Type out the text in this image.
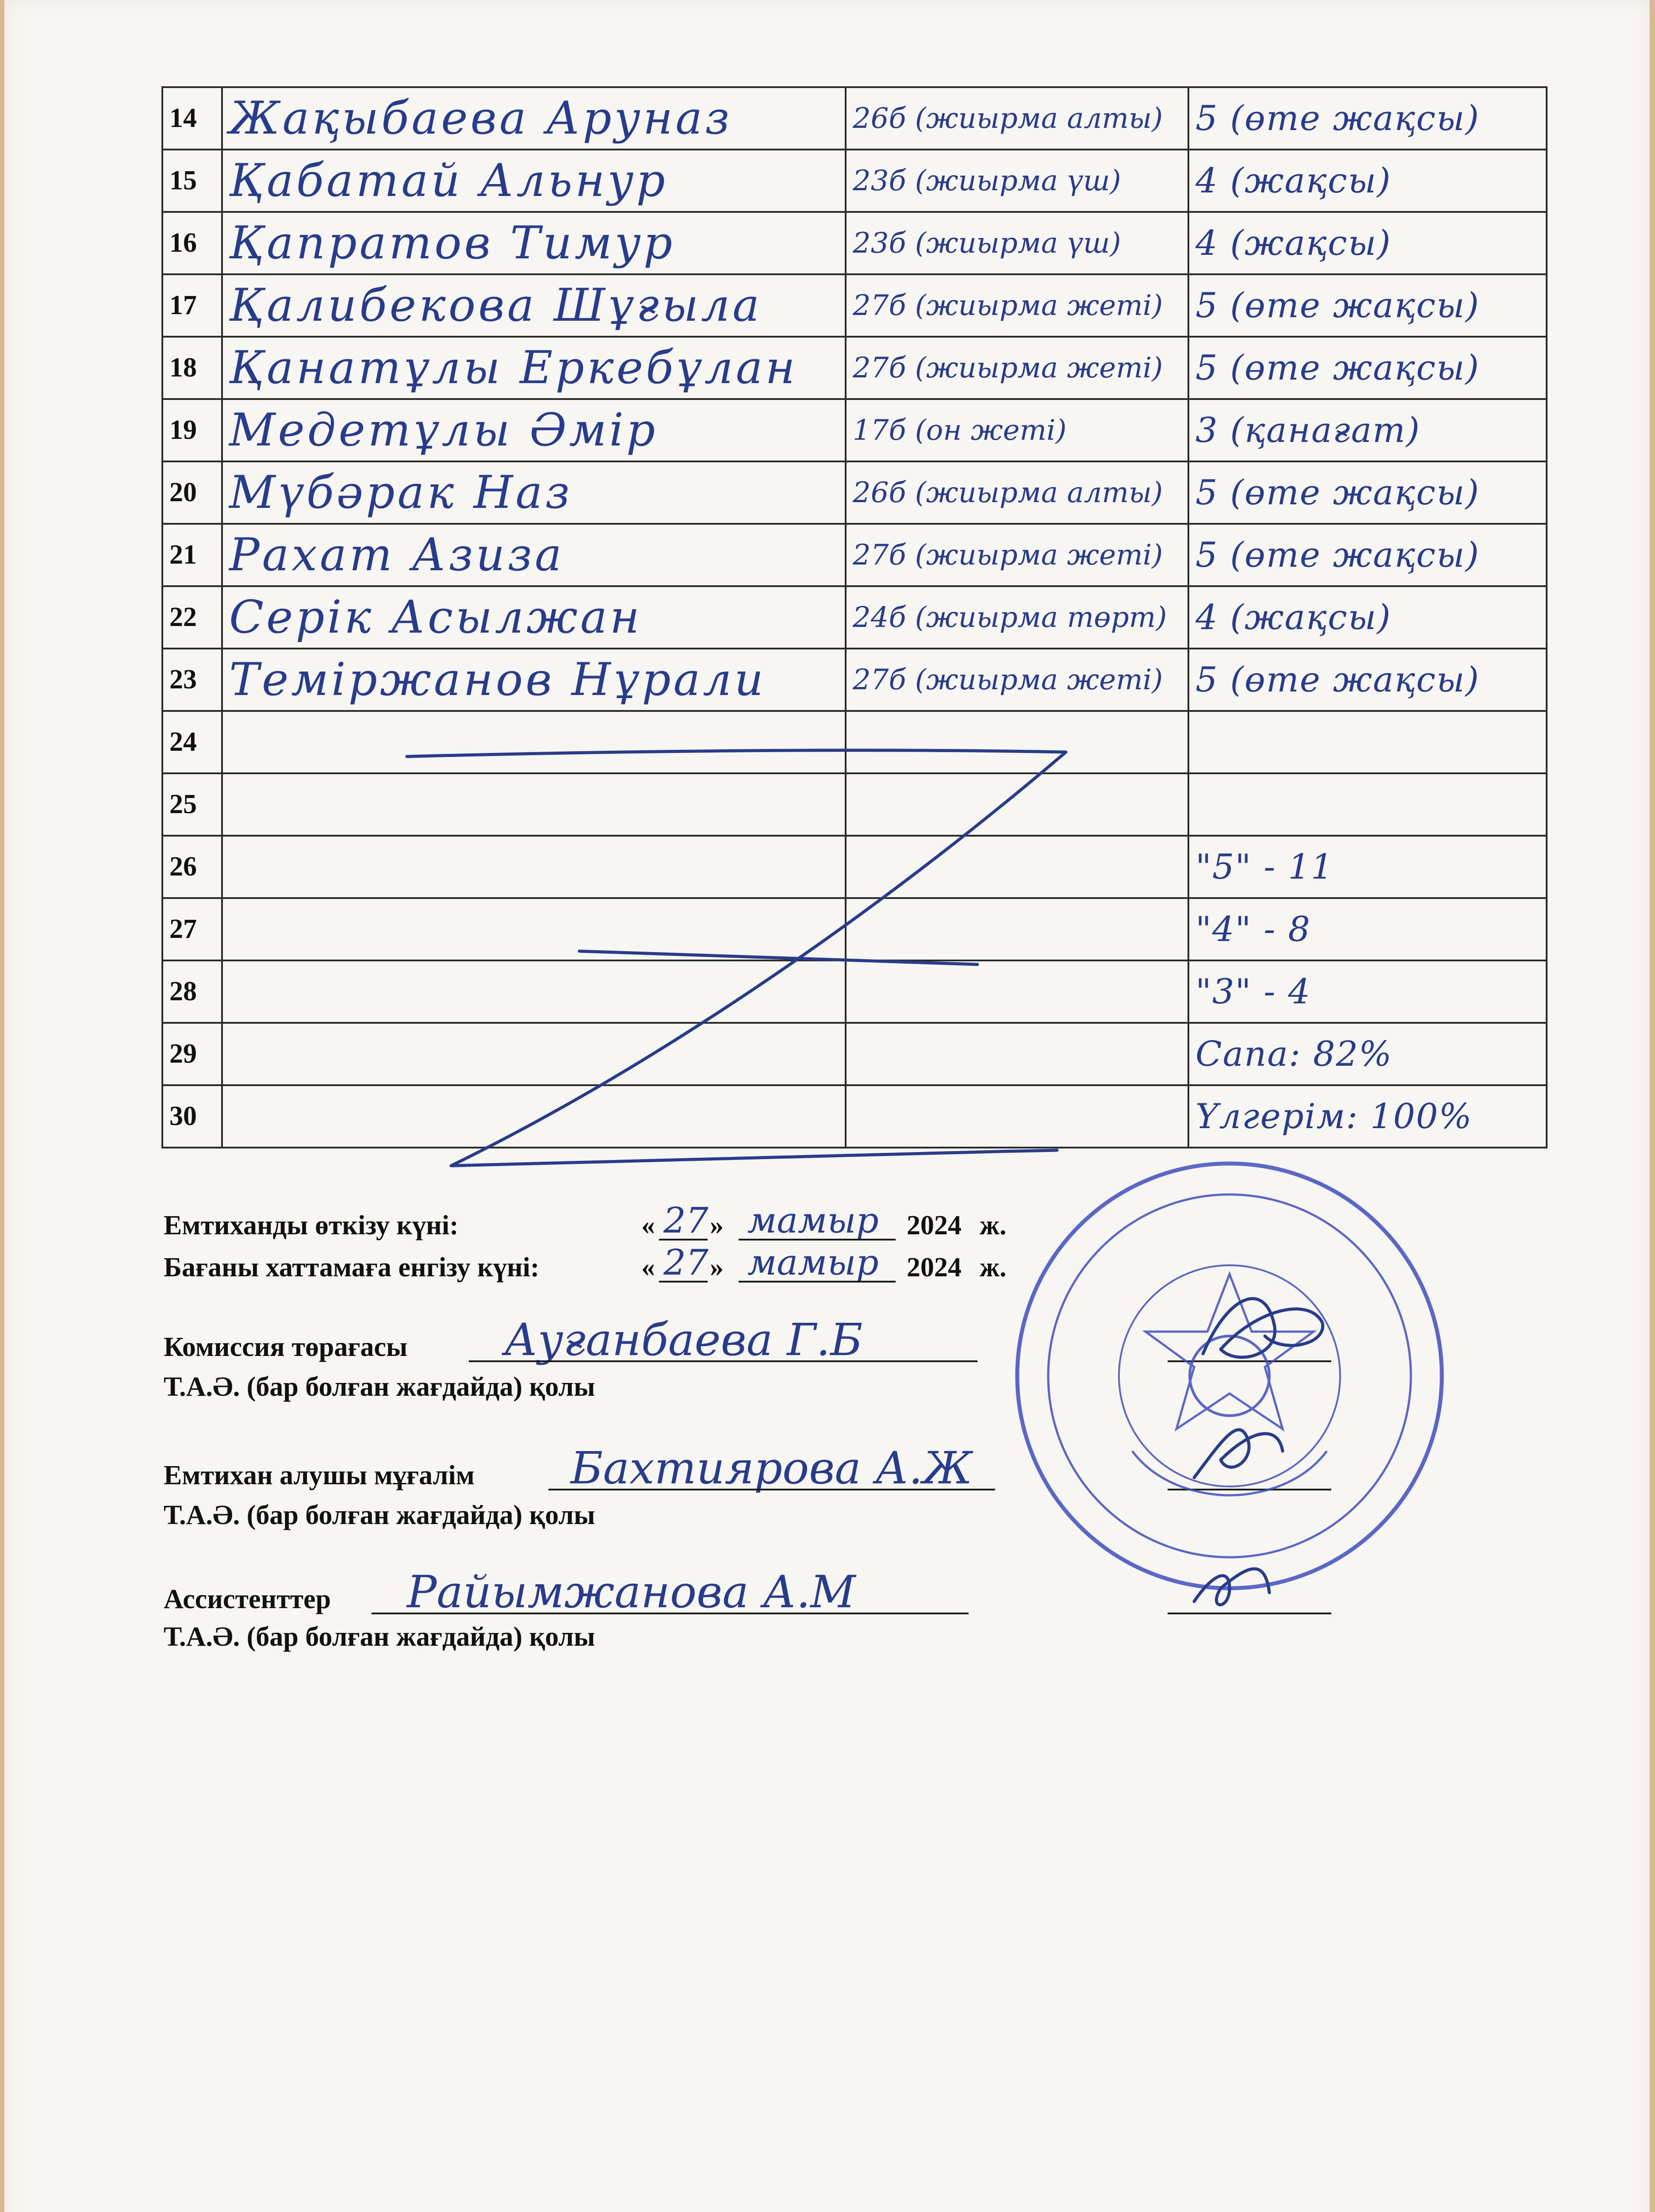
14	Жақыбаева Аруназ	26б (жиырма алты)	5 (өте жақсы)
15	Қабатай Альнур	23б (жиырма үш)	4 (жақсы)
16	Қапратов Тимур	23б (жиырма үш)	4 (жақсы)
17	Қалибекова Шұғыла	27б (жиырма жеті)	5 (өте жақсы)
18	Қанатұлы Еркебұлан	27б (жиырма жеті)	5 (өте жақсы)
19	Медетұлы Әмір	17б (он жеті)	3 (қанағат)
20	Мүбәрак Наз	26б (жиырма алты)	5 (өте жақсы)
21	Рахат Азиза	27б (жиырма жеті)	5 (өте жақсы)
22	Серік Асылжан	24б (жиырма төрт)	4 (жақсы)
23	Теміржанов Нұрали	27б (жиырма жеті)	5 (өте жақсы)
24			
25			
26			"5" - 11
27			"4" - 8
28			"3" - 4
29			Сапа: 82%
30			Үлгерім: 100%
Емтиханды өткізу күні:	« 27 » мамыр 2024 ж.
Бағаны хаттамаға енгізу күні:	« 27 » мамыр 2024 ж.
Комиссия төрағасы Ауғанбаева Г.Б
Т.А.Ә. (бар болған жағдайда) қолы
Емтихан алушы мұғалім Бахтиярова А.Ж
Т.А.Ә. (бар болған жағдайда) қолы
Ассистенттер Райымжанова А.М
Т.А.Ә. (бар болған жағдайда) қолы
